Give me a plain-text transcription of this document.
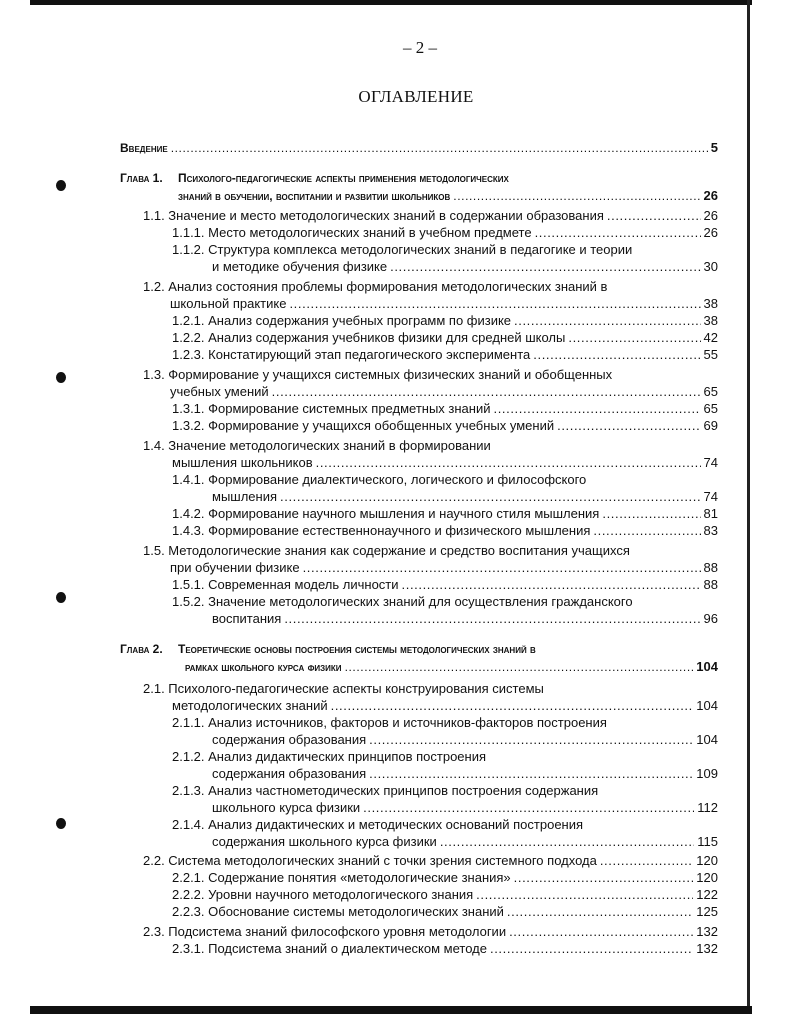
– 2 –
ОГЛАВЛЕНИЕ
Введение .....	5
Глава 1.	Психолого-педагогические аспекты применения методологических
знаний в обучении, воспитании и развитии школьников .....	26
1.1. Значение и место методологических знаний в содержании образования .....	26
1.1.1. Место методологических знаний в учебном предмете .....	26
1.1.2. Структура комплекса методологических знаний в педагогике и теории
и методике обучения физике .....	30
1.2. Анализ состояния проблемы формирования методологических знаний в
школьной практике .....	38
1.2.1. Анализ содержания учебных программ по физике .....	38
1.2.2. Анализ содержания учебников физики для средней школы .....	42
1.2.3. Констатирующий этап педагогического эксперимента .....	55
1.3. Формирование у учащихся системных физических знаний и обобщенных
учебных умений .....	65
1.3.1. Формирование системных предметных знаний .....	65
1.3.2. Формирование у учащихся обобщенных учебных умений .....	69
1.4. Значение методологических знаний в формировании
мышления школьников .....	74
1.4.1. Формирование диалектического, логического и философского
мышления .....	74
1.4.2. Формирование научного мышления и научного стиля мышления .....	81
1.4.3. Формирование естественнонаучного и физического мышления .....	83
1.5. Методологические знания как содержание и средство воспитания учащихся
при обучении физике .....	88
1.5.1. Современная модель личности .....	88
1.5.2. Значение методологических знаний для осуществления гражданского
воспитания .....	96
Глава 2.	Теоретические основы построения системы методологических знаний в
рамках школьного курса физики .....	104
2.1. Психолого-педагогические аспекты конструирования системы
методологических знаний .....	104
2.1.1. Анализ источников, факторов и источников-факторов построения
содержания образования .....	104
2.1.2. Анализ дидактических принципов построения
содержания образования .....	109
2.1.3. Анализ частнометодических принципов построения содержания
школьного курса физики .....	112
2.1.4. Анализ дидактических и методических оснований построения
содержания школьного курса физики .....	115
2.2. Система методологических знаний с точки зрения системного подхода .....	120
2.2.1. Содержание понятия «методологические знания» .....	120
2.2.2. Уровни научного методологического знания .....	122
2.2.3. Обоснование системы методологических знаний .....	125
2.3. Подсистема знаний философского уровня методологии .....	132
2.3.1. Подсистема знаний о диалектическом методе .....	132
